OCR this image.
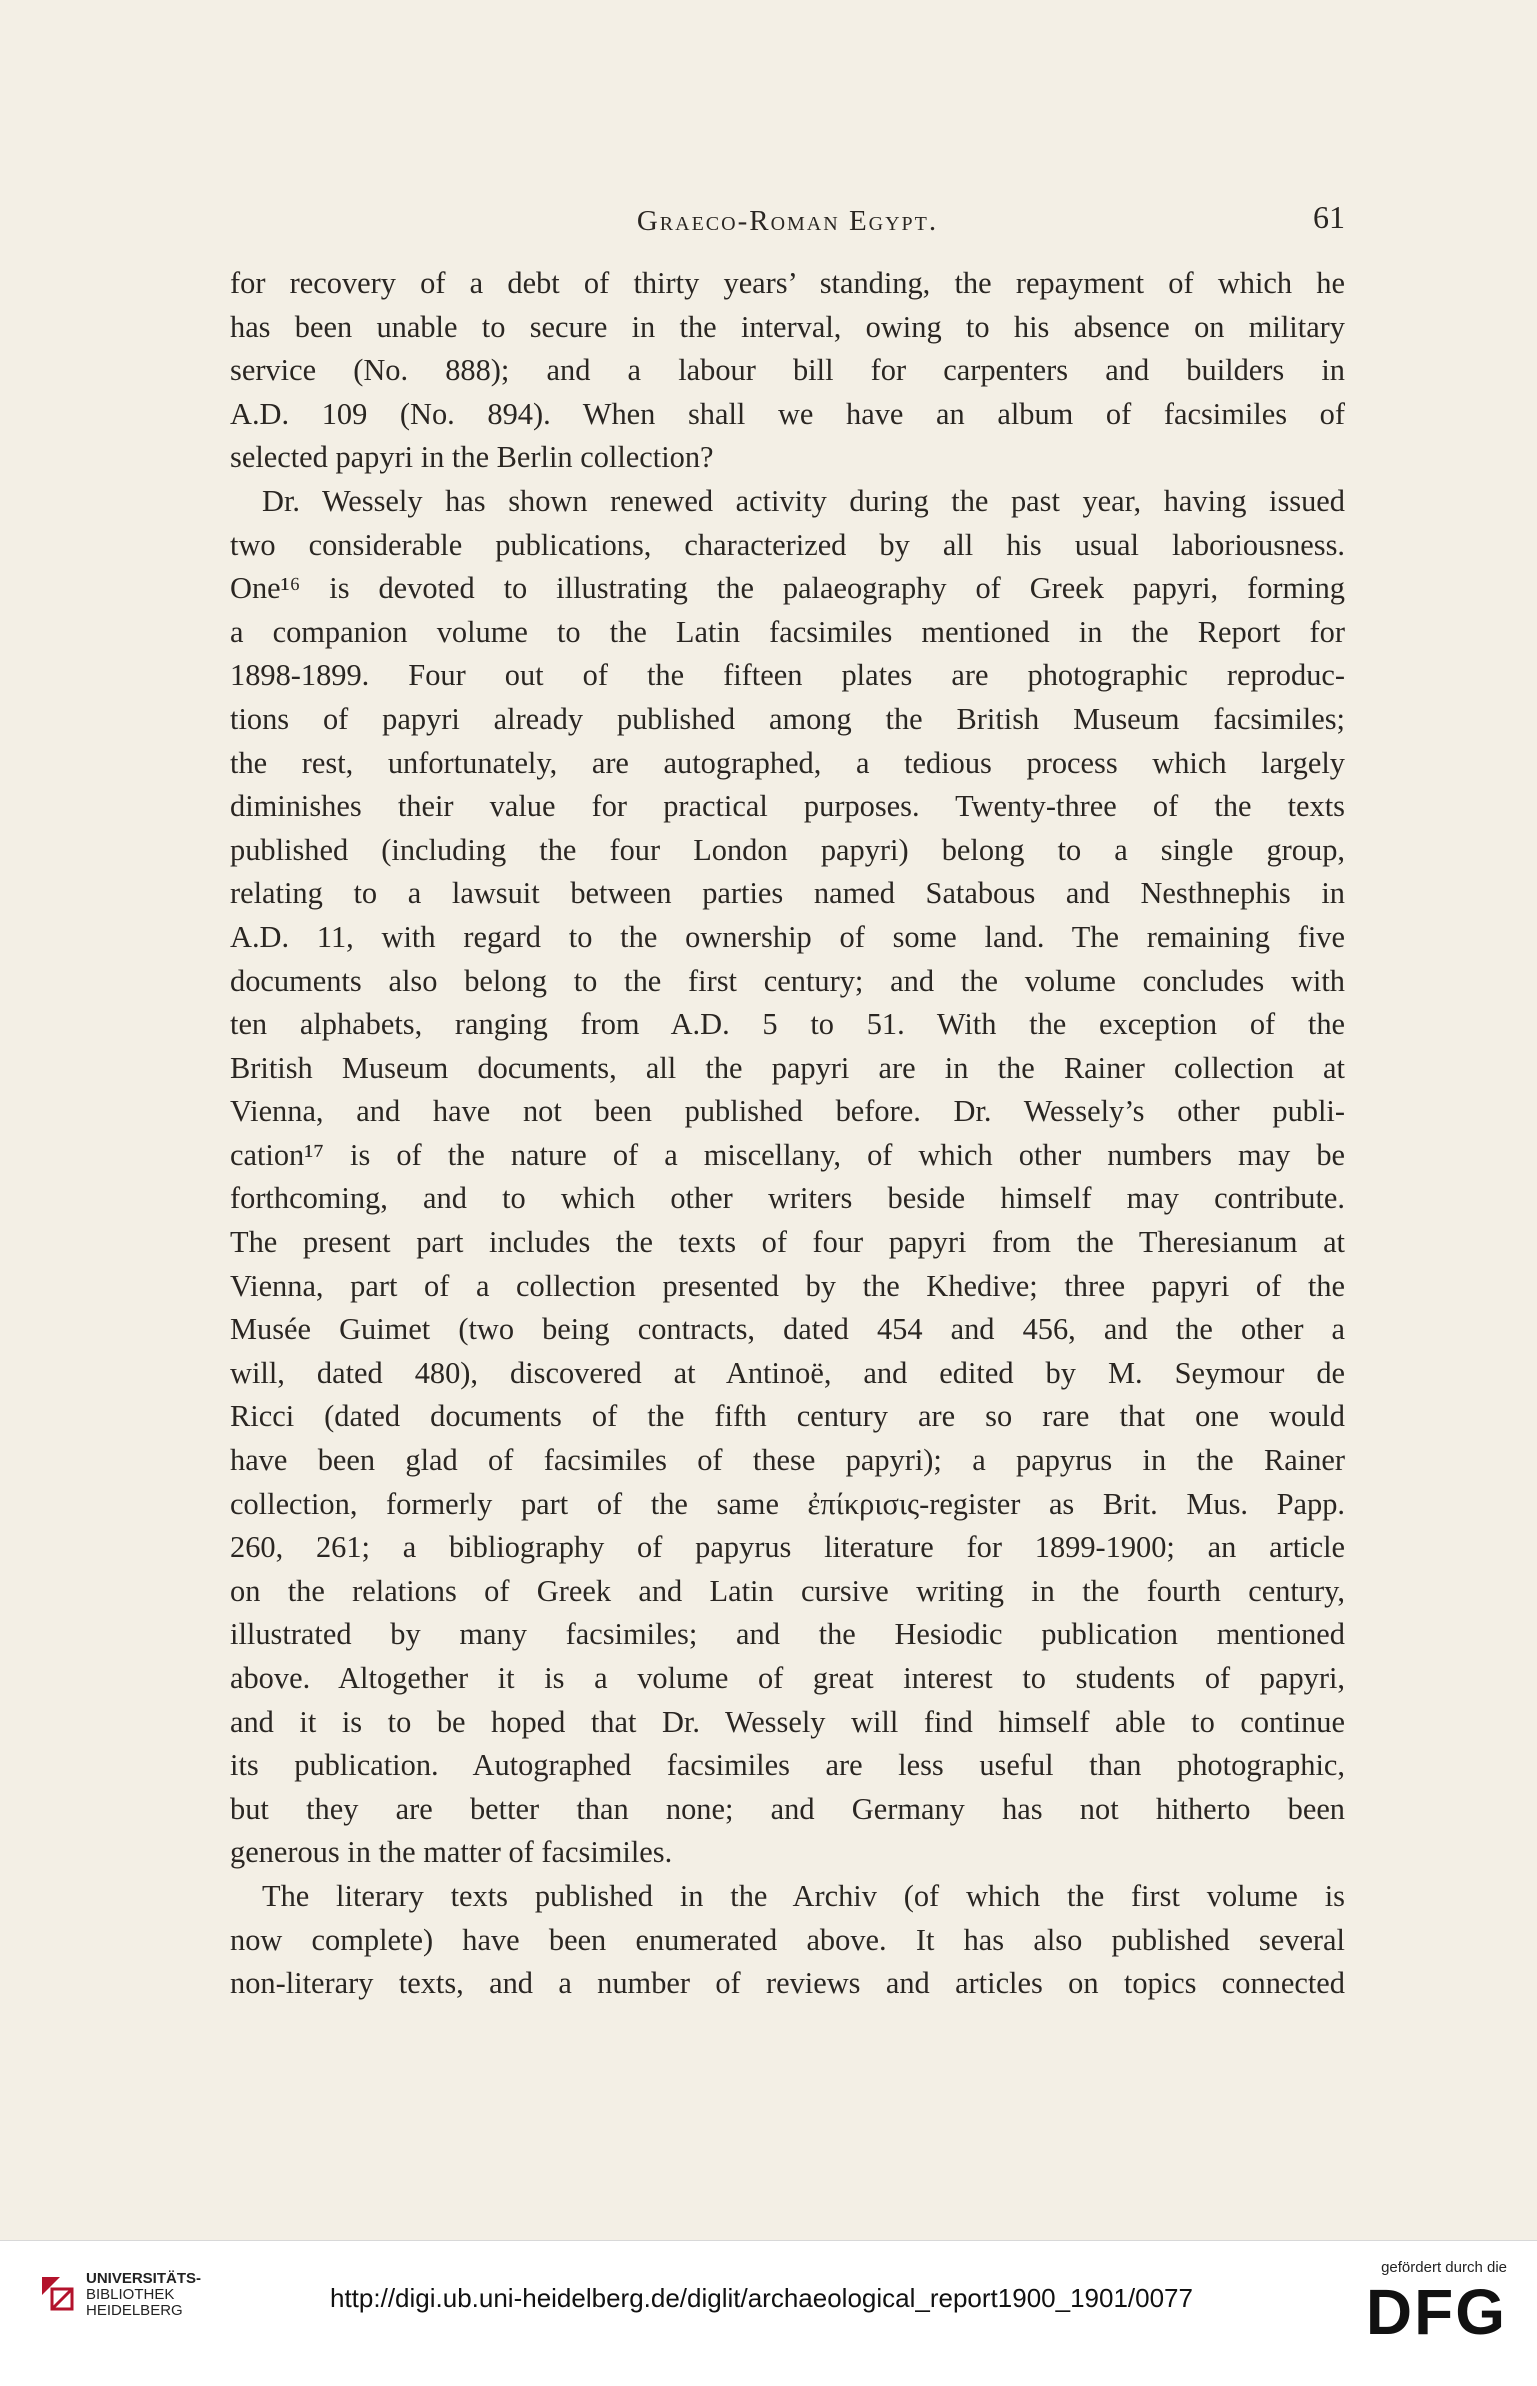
Graeco-Roman Egypt.	61
for recovery of a debt of thirty years’ standing, the repayment of which he
has been unable to secure in the interval, owing to his absence on military
service (No. 888); and a labour bill for carpenters and builders in
A.D. 109 (No. 894). When shall we have an album of facsimiles of
selected papyri in the Berlin collection?
Dr. Wessely has shown renewed activity during the past year, having issued
two considerable publications, characterized by all his usual laboriousness.
One¹⁶ is devoted to illustrating the palaeography of Greek papyri, forming
a companion volume to the Latin facsimiles mentioned in the Report for
1898-1899. Four out of the fifteen plates are photographic reproduc-
tions of papyri already published among the British Museum facsimiles;
the rest, unfortunately, are autographed, a tedious process which largely
diminishes their value for practical purposes. Twenty-three of the texts
published (including the four London papyri) belong to a single group,
relating to a lawsuit between parties named Satabous and Nesthnephis in
A.D. 11, with regard to the ownership of some land. The remaining five
documents also belong to the first century; and the volume concludes with
ten alphabets, ranging from A.D. 5 to 51. With the exception of the
British Museum documents, all the papyri are in the Rainer collection at
Vienna, and have not been published before. Dr. Wessely’s other publi-
cation¹⁷ is of the nature of a miscellany, of which other numbers may be
forthcoming, and to which other writers beside himself may contribute.
The present part includes the texts of four papyri from the Theresianum at
Vienna, part of a collection presented by the Khedive; three papyri of the
Musée Guimet (two being contracts, dated 454 and 456, and the other a
will, dated 480), discovered at Antinoë, and edited by M. Seymour de
Ricci (dated documents of the fifth century are so rare that one would
have been glad of facsimiles of these papyri); a papyrus in the Rainer
collection, formerly part of the same ἐπίκρισις-register as Brit. Mus. Papp.
260, 261; a bibliography of papyrus literature for 1899-1900; an article
on the relations of Greek and Latin cursive writing in the fourth century,
illustrated by many facsimiles; and the Hesiodic publication mentioned
above. Altogether it is a volume of great interest to students of papyri,
and it is to be hoped that Dr. Wessely will find himself able to continue
its publication. Autographed facsimiles are less useful than photographic,
but they are better than none; and Germany has not hitherto been
generous in the matter of facsimiles.
The literary texts published in the Archiv (of which the first volume is
now complete) have been enumerated above. It has also published several
non-literary texts, and a number of reviews and articles on topics connected
UNIVERSITÄTS-
BIBLIOTHEK
HEIDELBERG	http://digi.ub.uni-heidelberg.de/diglit/archaeological_report1900_1901/0077
gefördert durch die
DFG
